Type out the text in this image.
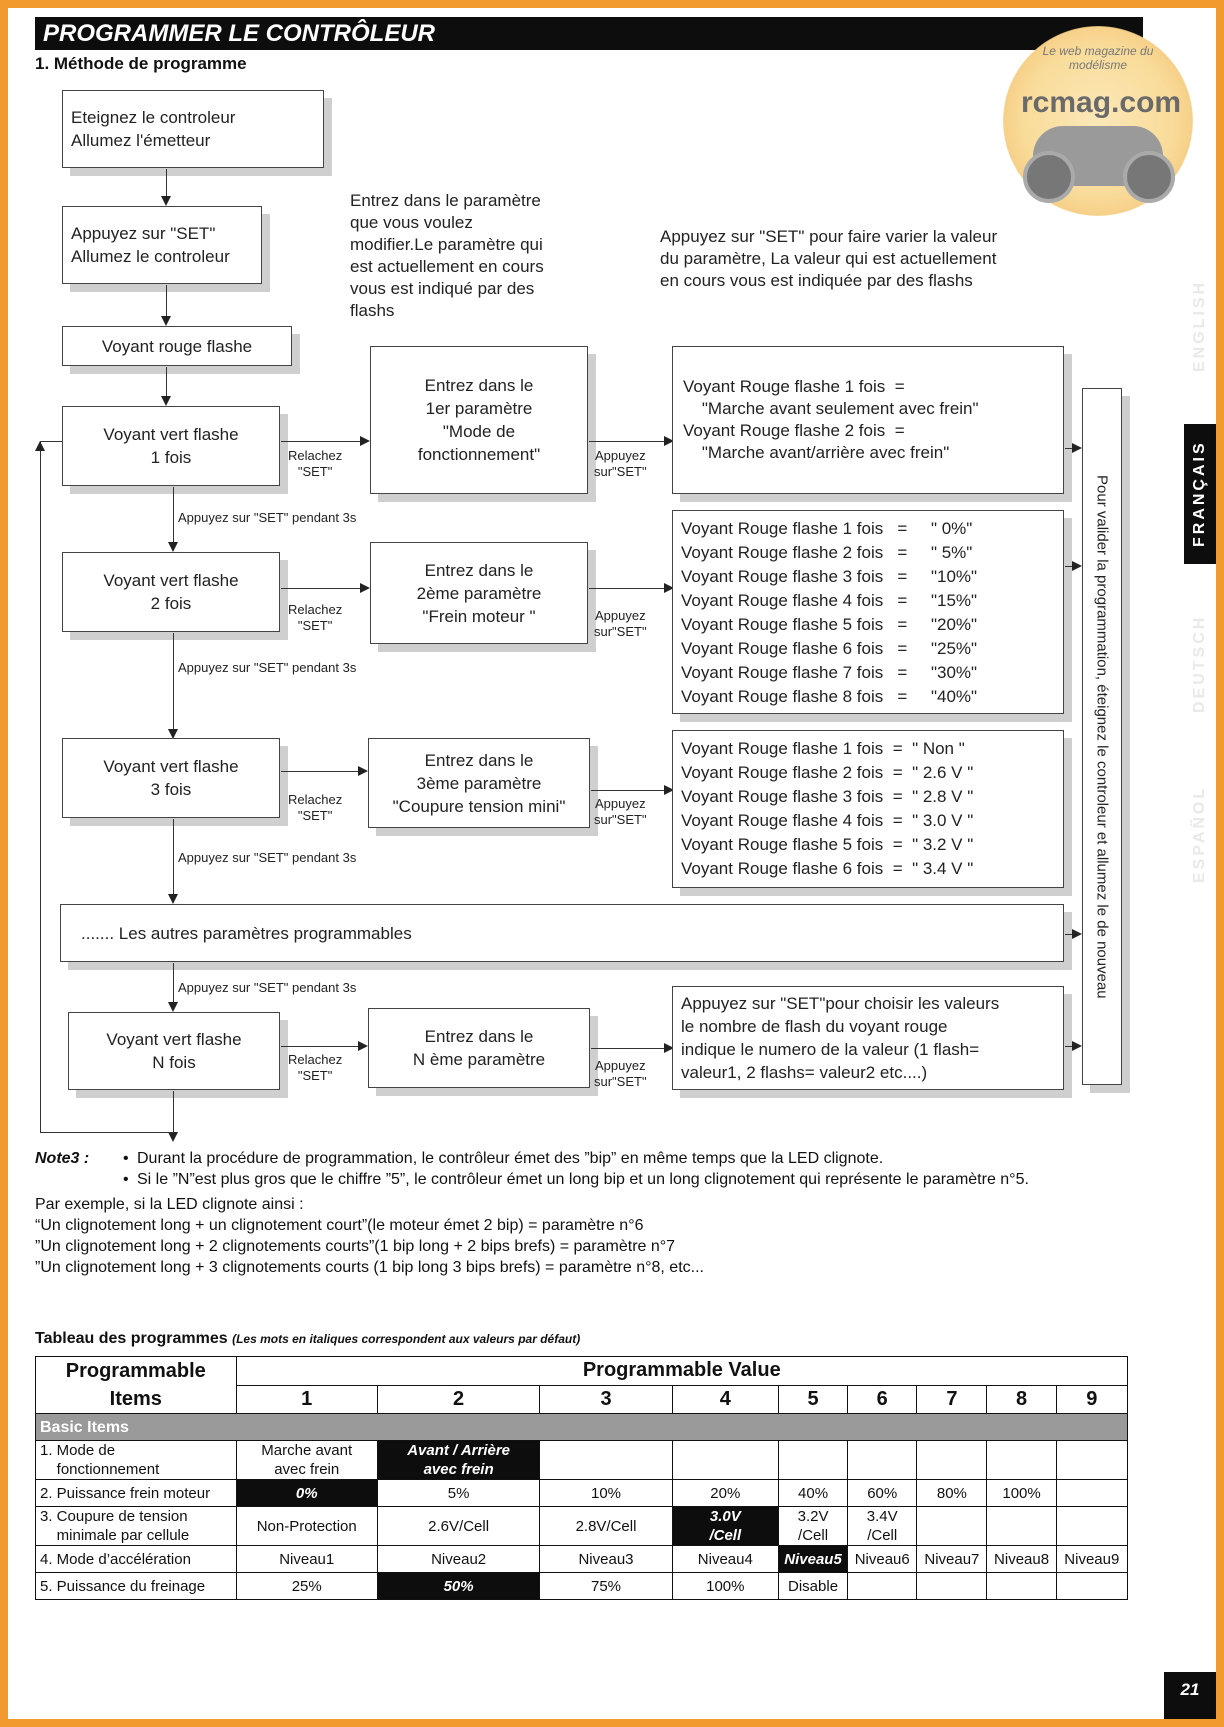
PROGRAMMER LE CONTRÔLEUR
1. Méthode de programme
Le web magazine du modélisme
rcmag.com
ENGLISH
FRANÇAIS
DEUTSCH
ESPAÑOL
Eteignez le controleur
Allumez l'émetteur
Appuyez sur "SET"
Allumez le controleur
Voyant rouge flashe
Entrez dans le paramètre
que vous voulez
modifier.Le paramètre qui
est actuellement en cours
vous est indiqué par des
flashs
Appuyez sur "SET" pour faire varier la valeur
du paramètre, La valeur qui est actuellement
en cours vous est indiquée par des flashs
Voyant vert flashe
1 fois	Relachez
"SET"
Entrez dans le
1er paramètre
"Mode de
fonctionnement"	Appuyez
sur"SET"
Voyant Rouge flashe 1 fois  =
"Marche avant seulement avec frein"
Voyant Rouge flashe 2 fois  =
"Marche avant/arrière avec frein"
Appuyez sur "SET" pendant 3s
Voyant vert flashe
2 fois	Relachez
"SET"
Entrez dans le
2ème paramètre
"Frein moteur "	Appuyez
sur"SET"
Voyant Rouge flashe 1 fois   =     " 0%"
Voyant Rouge flashe 2 fois   =     " 5%"
Voyant Rouge flashe 3 fois   =     "10%"
Voyant Rouge flashe 4 fois   =     "15%"
Voyant Rouge flashe 5 fois   =     "20%"
Voyant Rouge flashe 6 fois   =     "25%"
Voyant Rouge flashe 7 fois   =     "30%"
Voyant Rouge flashe 8 fois   =     "40%"
Appuyez sur "SET" pendant 3s
Voyant vert flashe
3 fois
Relachez
"SET"
Entrez dans le
3ème paramètre
"Coupure tension mini"	Appuyez
sur"SET"
Voyant Rouge flashe 1 fois  =  " Non "
Voyant Rouge flashe 2 fois  =  " 2.6 V "
Voyant Rouge flashe 3 fois  =  " 2.8 V "
Voyant Rouge flashe 4 fois  =  " 3.0 V "
Voyant Rouge flashe 5 fois  =  " 3.2 V "
Voyant Rouge flashe 6 fois  =  " 3.4 V "
Appuyez sur "SET" pendant 3s
....... Les autres paramètres programmables
Appuyez sur "SET" pendant 3s
Voyant vert flashe
N fois	Relachez
"SET"
Entrez dans le
N ème paramètre	Appuyez
sur"SET"
Appuyez sur "SET"pour choisir les valeurs
le nombre de flash du voyant rouge
indique le numero de la valeur (1 flash=
valeur1, 2 flashs= valeur2 etc....)
Pour valider la programmation, éteignez le controleur et allumez le de nouveau
Note3 :	• Durant la procédure de programmation, le contrôleur émet des ”bip” en même temps que la LED clignote.
• Si le ”N”est plus gros que le chiffre ”5”, le contrôleur émet un long bip et un long clignotement qui représente le paramètre n°5.
Par exemple, si la LED clignote ainsi :
“Un clignotement long + un clignotement court”(le moteur émet 2 bip) = paramètre n°6
”Un clignotement long + 2 clignotements courts”(1 bip long + 2 bips brefs) = paramètre n°7
”Un clignotement long + 3 clignotements courts (1 bip long 3 bips brefs) = paramètre n°8, etc...
Tableau des programmes (Les mots en italiques correspondent aux valeurs par défaut)
Programmable
Items	Programmable Value								
	1	2	3	4	5	6	7	8	9
Basic Items									
1. Mode de
fonctionnement	Marche avant
avec frein	Avant / Arrière
avec frein							
2. Puissance frein moteur	0%	5%	10%	20%	40%	60%	80%	100%	
3. Coupure de tension
minimale par cellule	Non-Protection	2.6V/Cell	2.8V/Cell	3.0V
/Cell	3.2V
/Cell	3.4V
/Cell			
4. Mode d’accélération	Niveau1	Niveau2	Niveau3	Niveau4	Niveau5	Niveau6	Niveau7	Niveau8	Niveau9
5. Puissance du freinage	25%	50%	75%	100%	Disable				
21
